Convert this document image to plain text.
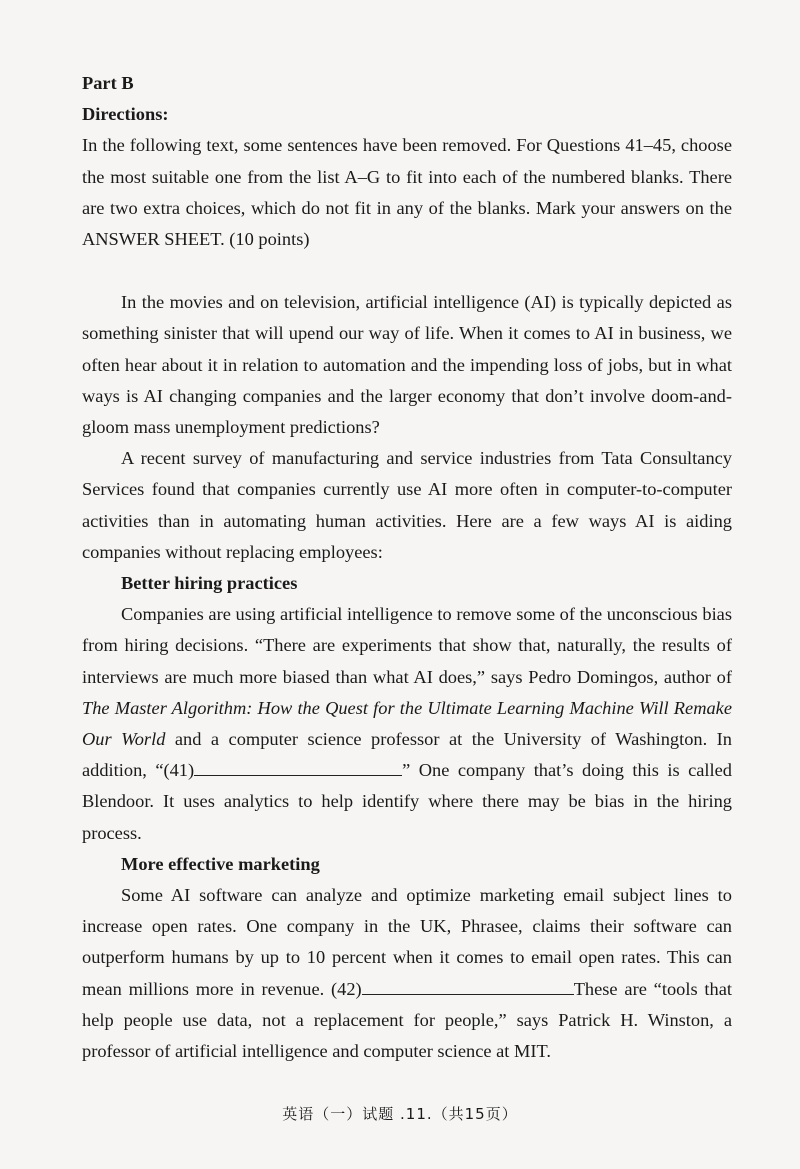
Part B

Directions:

In the following text, some sentences have been removed. For Questions 41–45, choose the most suitable one from the list A–G to fit into each of the numbered blanks. There are two extra choices, which do not fit in any of the blanks. Mark your answers on the ANSWER SHEET. (10 points)

In the movies and on television, artificial intelligence (AI) is typically depicted as something sinister that will upend our way of life. When it comes to AI in business, we often hear about it in relation to automation and the impending loss of jobs, but in what ways is AI changing companies and the larger economy that don’t involve doom-and-gloom mass unemployment predictions?

A recent survey of manufacturing and service industries from Tata Consultancy Services found that companies currently use AI more often in computer-to-computer activities than in automating human activities. Here are a few ways AI is aiding companies without replacing employees:

Better hiring practices

Companies are using artificial intelligence to remove some of the unconscious bias from hiring decisions. “There are experiments that show that, naturally, the results of interviews are much more biased than what AI does,” says Pedro Domingos, author of The Master Algorithm: How the Quest for the Ultimate Learning Machine Will Remake Our World and a computer science professor at the University of Washington. In addition, “(41)	” One company that’s doing this is called Blendoor. It uses analytics to help identify where there may be bias in the hiring process.

More effective marketing

Some AI software can analyze and optimize marketing email subject lines to increase open rates. One company in the UK, Phrasee, claims their software can outperform humans by up to 10 percent when it comes to email open rates. This can mean millions more in revenue. (42)	These are “tools that help people use data, not a replacement for people,” says Patrick H. Winston, a professor of artificial intelligence and computer science at MIT.

英语（一）试题 .11.（共15页）
